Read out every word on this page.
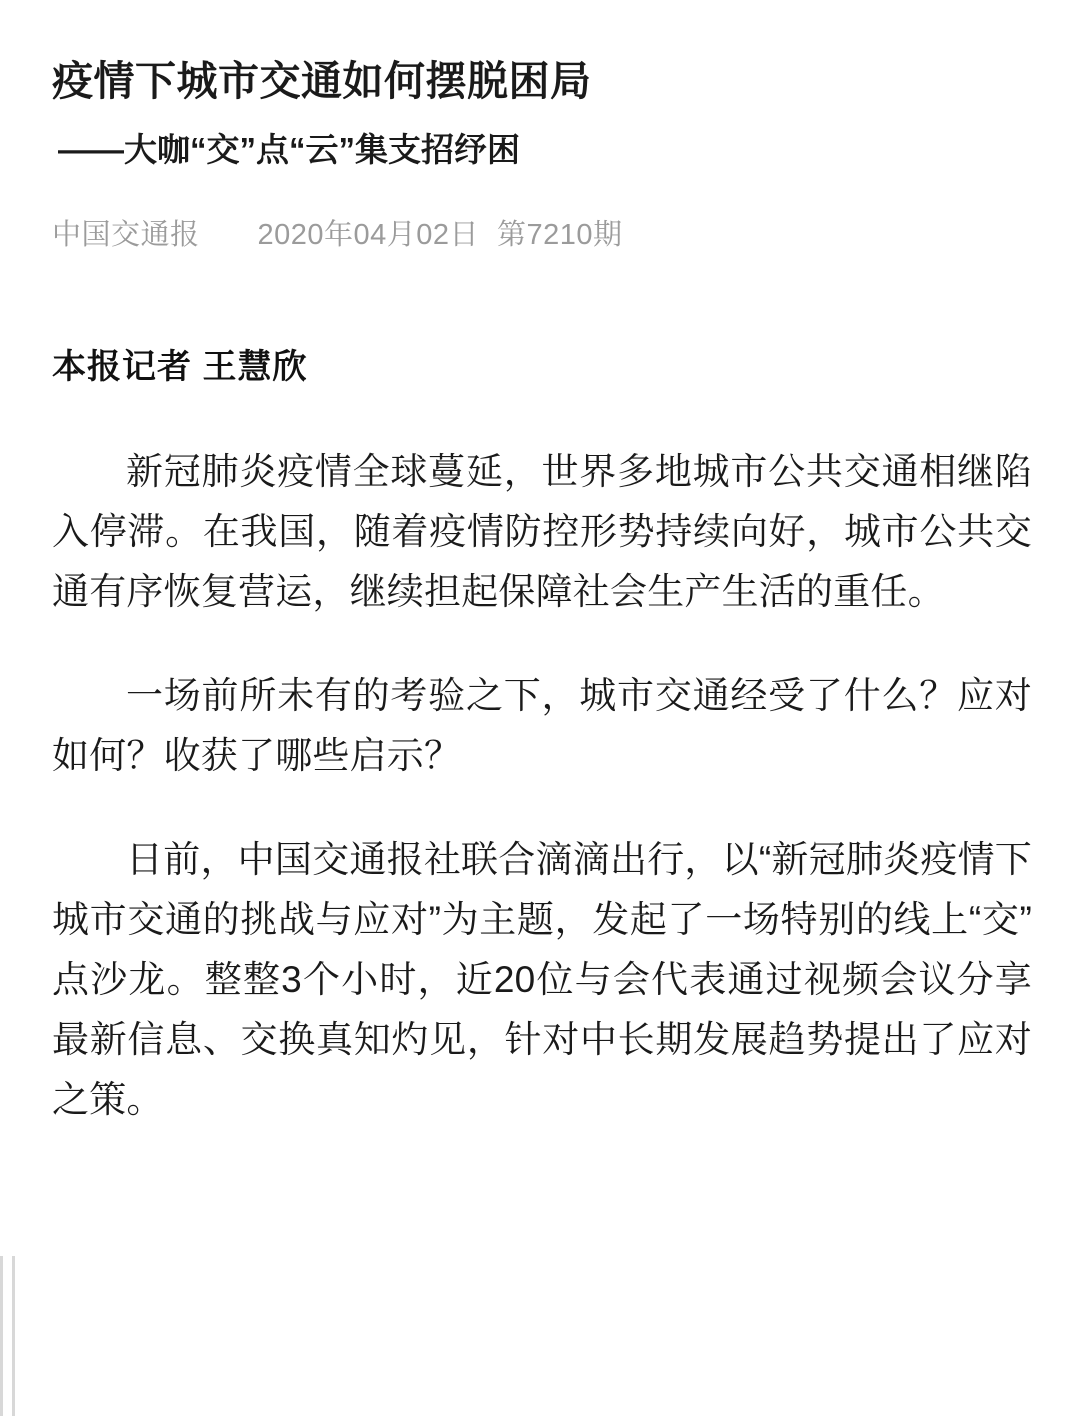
疫情下城市交通如何摆脱困局
——大咖“交”点“云”集支招纾困
中国交通报 2020年04月02日 第7210期
本报记者 王慧欣

新冠肺炎疫情全球蔓延，世界多地城市公共交通相继陷入停滞。在我国，随着疫情防控形势持续向好，城市公共交通有序恢复营运，继续担起保障社会生产生活的重任。

一场前所未有的考验之下，城市交通经受了什么？应对如何？收获了哪些启示？

日前，中国交通报社联合滴滴出行，以“新冠肺炎疫情下城市交通的挑战与应对”为主题，发起了一场特别的线上“交”点沙龙。整整3个小时，近20位与会代表通过视频会议分享最新信息、交换真知灼见，针对中长期发展趋势提出了应对之策。
